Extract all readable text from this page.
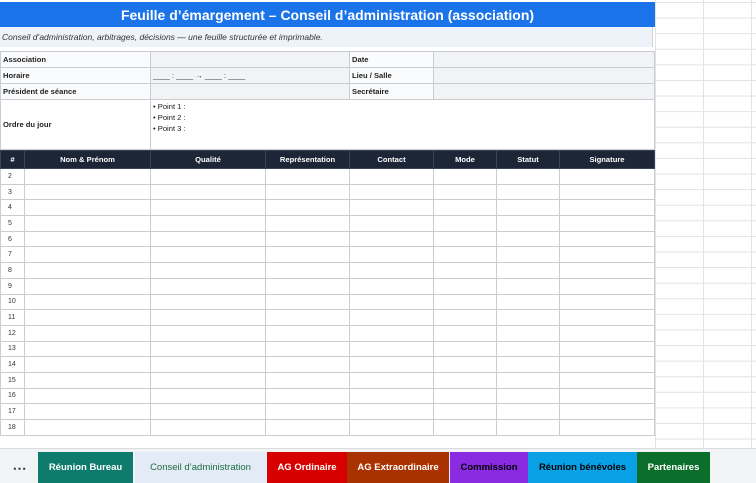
Feuille d’émargement – Conseil d’administration (association)
Conseil d’administration, arbitrages, décisions — une feuille structurée et imprimable.
Association		Date	
Horaire	____ : ____ → ____ : ____	Lieu / Salle	
Président de séance		Secrétaire	
Ordre du jour	• Point 1 :
• Point 2 :
• Point 3 :		
#	Nom & Prénom	Qualité	Représentation	Contact	Mode	Statut	Signature
2							
3							
4							
5							
6							
7							
8							
9							
10							
11							
12							
13							
14							
15							
16							
17							
18							
⋯	Réunion Bureau	Conseil d’administration	AG Ordinaire	AG Extraordinaire	Commission	Réunion bénévoles	Partenaires
